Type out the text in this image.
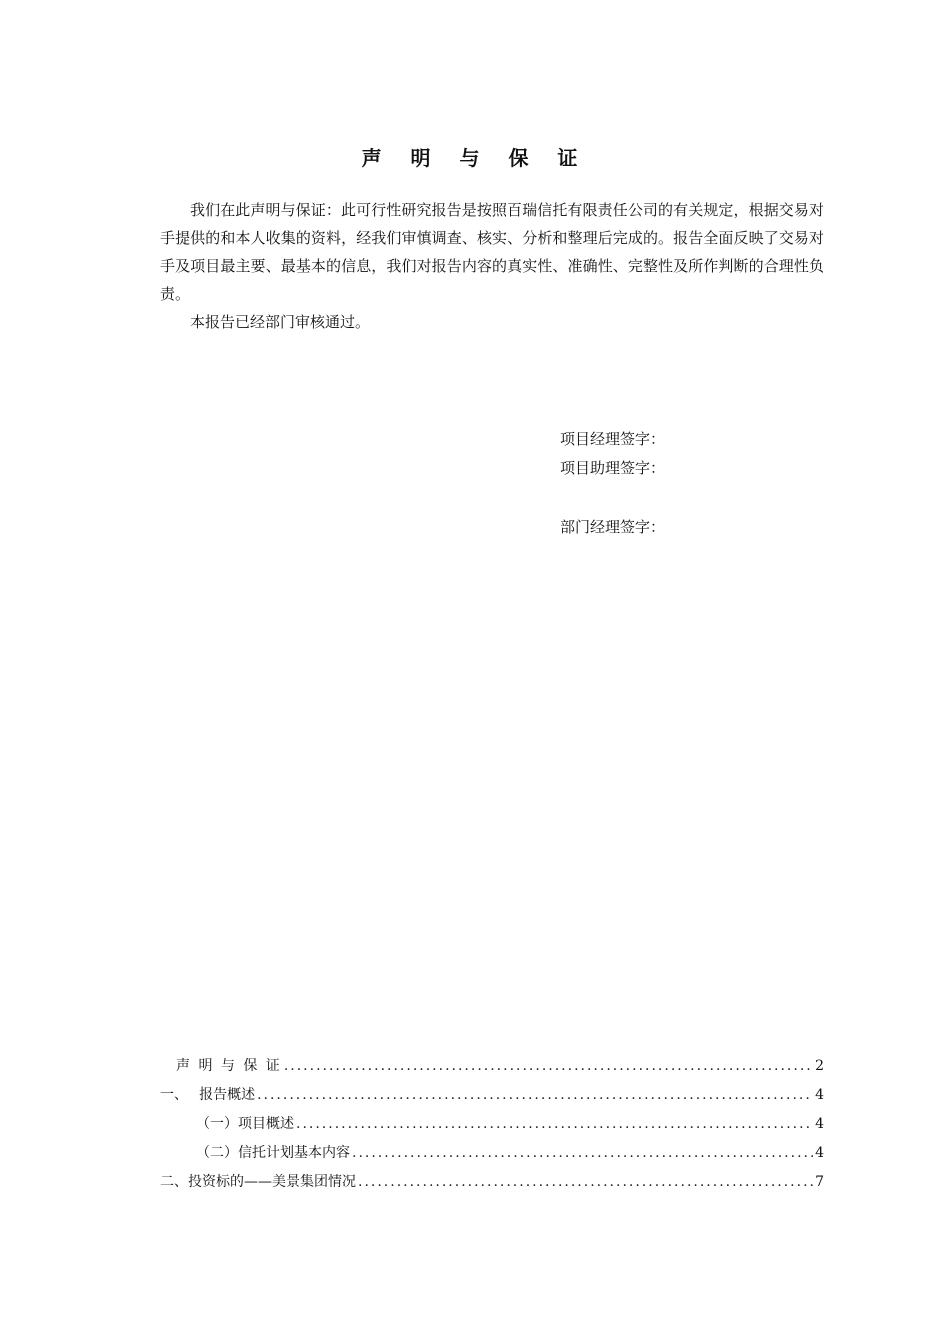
声 明 与 保 证

我们在此声明与保证：此可行性研究报告是按照百瑞信托有限责任公司的有关规定，根据交易对手提供的和本人收集的资料，经我们审慎调查、核实、分析和整理后完成的。报告全面反映了交易对手及项目最主要、最基本的信息，我们对报告内容的真实性、准确性、完整性及所作判断的合理性负责。

本报告已经部门审核通过。

项目经理签字：
项目助理签字：
部门经理签字：
声 明 与 保 证 .....	2
一、 报告概述 .....	4
（一）项目概述 .....	4
（二）信托计划基本内容 .....	4
二、投资标的——美景集团情况 .....	7
